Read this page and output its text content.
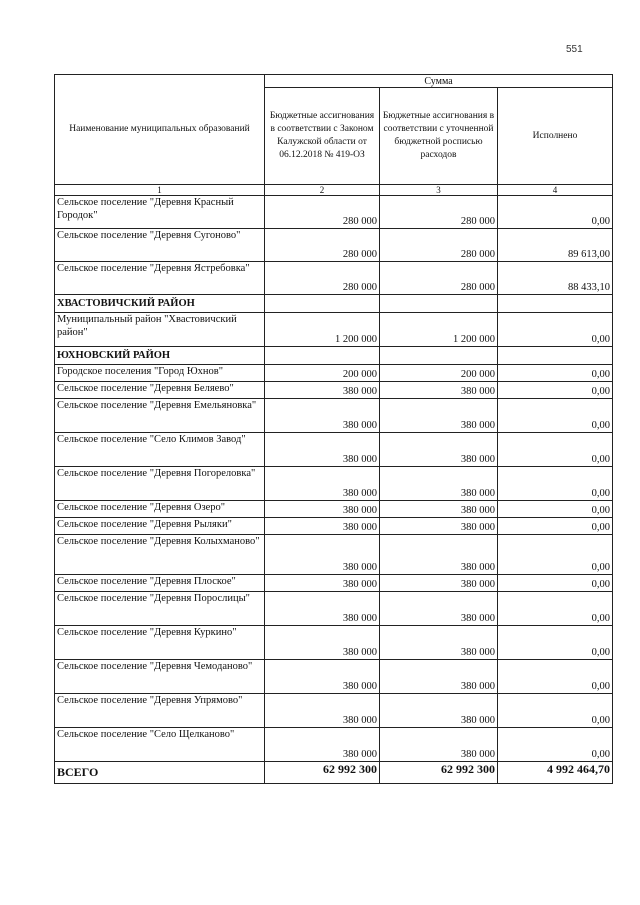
551
Наименование муниципальных образований	Сумма		
	Бюджетные ассигнования в соответствии с Законом Калужской области от 06.12.2018 № 419-ОЗ	Бюджетные ассигнования в соответствии с уточненной бюджетной росписью расходов	Исполнено
1	2	3	4
Сельское поселение "Деревня Красный Городок"	280 000	280 000	0,00
Сельское поселение "Деревня Сугоново"	280 000	280 000	89 613,00
Сельское поселение "Деревня Ястребовка"	280 000	280 000	88 433,10
ХВАСТОВИЧСКИЙ РАЙОН			
Муниципальный район "Хвастовичский район"	1 200 000	1 200 000	0,00
ЮХНОВСКИЙ РАЙОН			
Городское поселения "Город Юхнов"	200 000	200 000	0,00
Сельское поселение "Деревня Беляево"	380 000	380 000	0,00
Сельское поселение "Деревня Емельяновка"	380 000	380 000	0,00
Сельское поселение "Село Климов Завод"	380 000	380 000	0,00
Сельское поселение "Деревня Погореловка"	380 000	380 000	0,00
Сельское поселение "Деревня Озеро"	380 000	380 000	0,00
Сельское поселение "Деревня Рыляки"	380 000	380 000	0,00
Сельское поселение "Деревня Колыхманово"	380 000	380 000	0,00
Сельское поселение "Деревня Плоское"	380 000	380 000	0,00
Сельское поселение "Деревня Порослицы"	380 000	380 000	0,00
Сельское поселение "Деревня Куркино"	380 000	380 000	0,00
Сельское поселение "Деревня Чемоданово"	380 000	380 000	0,00
Сельское поселение "Деревня Упрямово"	380 000	380 000	0,00
Сельское поселение "Село Щелканово"	380 000	380 000	0,00
ВСЕГО	62 992 300	62 992 300	4 992 464,70
